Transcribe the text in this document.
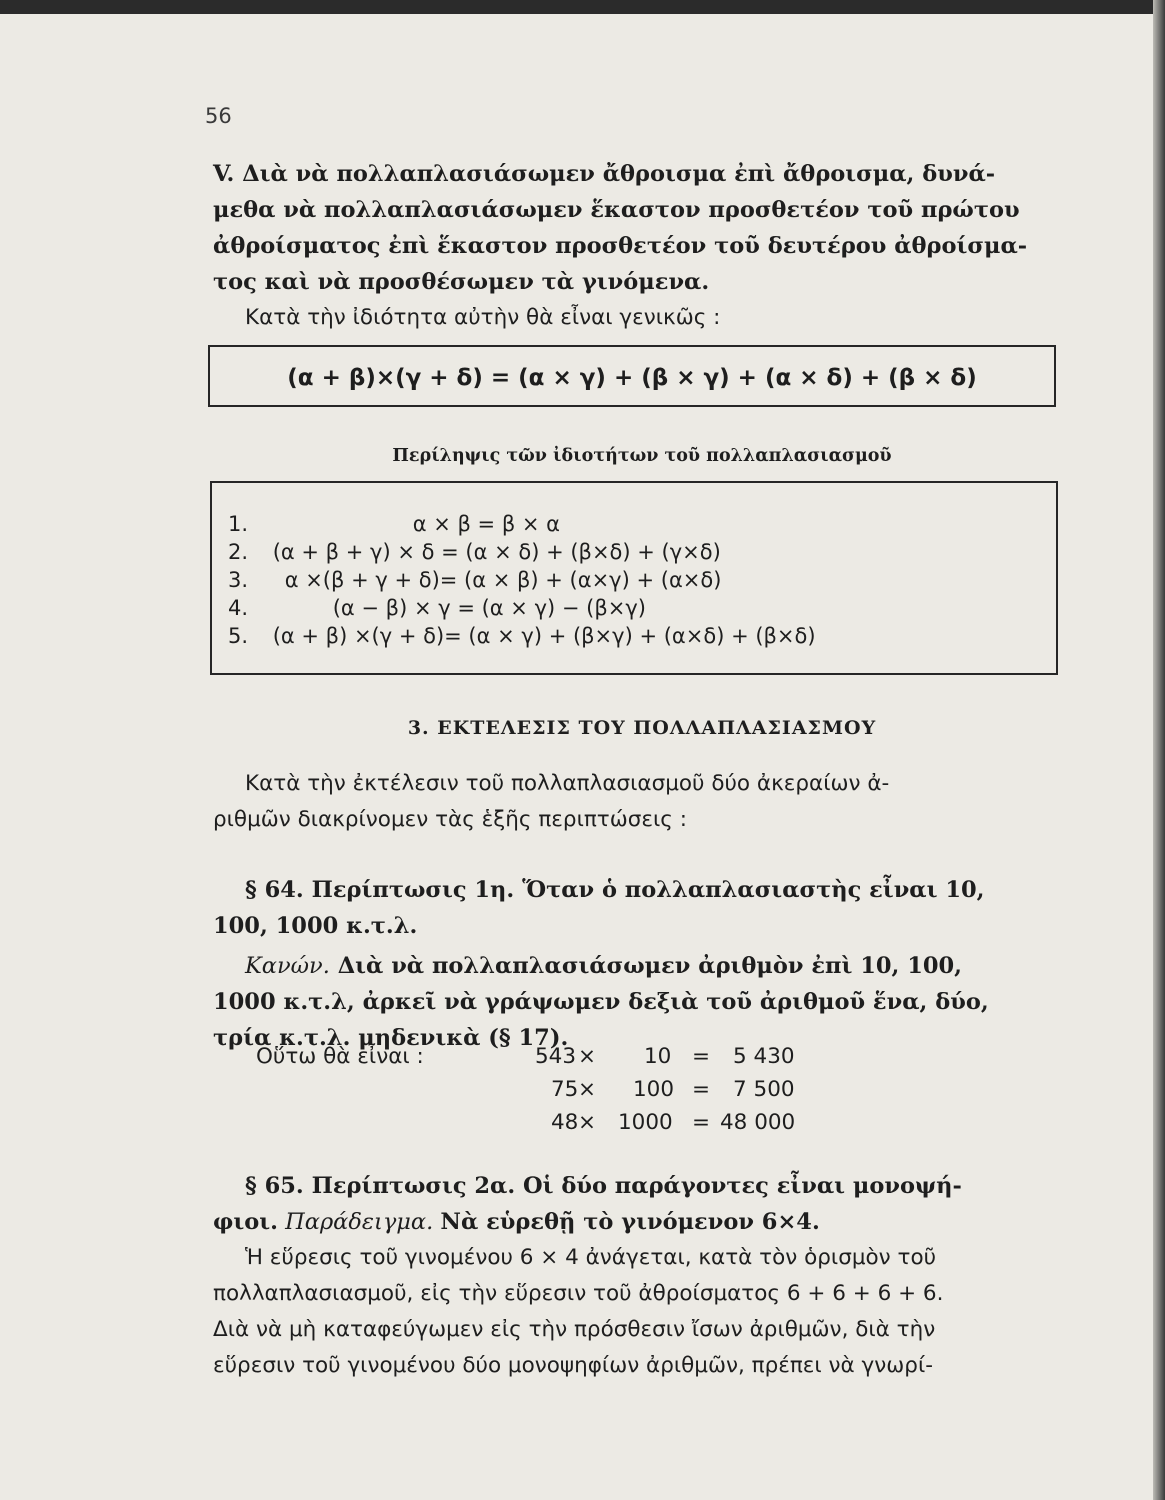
56

V. Διὰ νὰ πολλαπλασιάσωμεν ἄθροισμα ἐπὶ ἄθροισμα, δυνά-

μεθα νὰ πολλαπλασιάσωμεν ἕκαστον προσθετέον τοῦ πρώτου

ἀθροίσματος ἐπὶ ἕκαστον προσθετέον τοῦ δευτέρου ἀθροίσμα-

τος καὶ νὰ προσθέσωμεν τὰ γινόμενα.

Κατὰ τὴν ἰδιότητα αὐτὴν θὰ εἶναι γενικῶς :

(α + β)×(γ + δ) = (α × γ) + (β × γ) + (α × δ) + (β × δ)
Περίληψις τῶν ἰδιοτήτων τοῦ πολλαπλασιασμοῦ
1.	α × β = β × α
2. (α + β + γ) × δ = (α × δ) + (β×δ) + (γ×δ)
3. α ×(β + γ + δ)= (α × β) + (α×γ) + (α×δ)
4.	(α − β) × γ = (α × γ) − (β×γ)
5. (α + β) ×(γ + δ)= (α × γ) + (β×γ) + (α×δ) + (β×δ)
3. ΕΚΤΕΛΕΣΙΣ ΤΟΥ ΠΟΛΛΑΠΛΑΣΙΑΣΜΟΥ

Κατὰ τὴν ἐκτέλεσιν τοῦ πολλαπλασιασμοῦ δύο ἀκεραίων ἀ-

ριθμῶν διακρίνομεν τὰς ἑξῆς περιπτώσεις :

§ 64. Περίπτωσις 1η. Ὅταν ὁ πολλαπλασιαστὴς εἶναι 10,

100, 1000 κ.τ.λ.

Κανών. Διὰ νὰ πολλαπλασιάσωμεν ἀριθμὸν ἐπὶ 10, 100,

1000 κ.τ.λ, ἀρκεῖ νὰ γράψωμεν δεξιὰ τοῦ ἀριθμοῦ ἕνα, δύο,

τρία κ.τ.λ. μηδενικὰ (§ 17).

Οὕτω θὰ εἶναι :	543 × 10 = 5 430
75 × 100 = 7 500
48 × 1000 = 48 000

§ 65. Περίπτωσις 2α. Οἱ δύο παράγοντες εἶναι μονοψή-

φιοι. Παράδειγμα. Νὰ εὑρεθῇ τὸ γινόμενον 6×4.

Ἡ εὕρεσις τοῦ γινομένου 6 × 4 ἀνάγεται, κατὰ τὸν ὁρισμὸν τοῦ

πολλαπλασιασμοῦ, εἰς τὴν εὕρεσιν τοῦ ἀθροίσματος 6 + 6 + 6 + 6.

Διὰ νὰ μὴ καταφεύγωμεν εἰς τὴν πρόσθεσιν ἴσων ἀριθμῶν, διὰ τὴν

εὕρεσιν τοῦ γινομένου δύο μονοψηφίων ἀριθμῶν, πρέπει νὰ γνωρί-
